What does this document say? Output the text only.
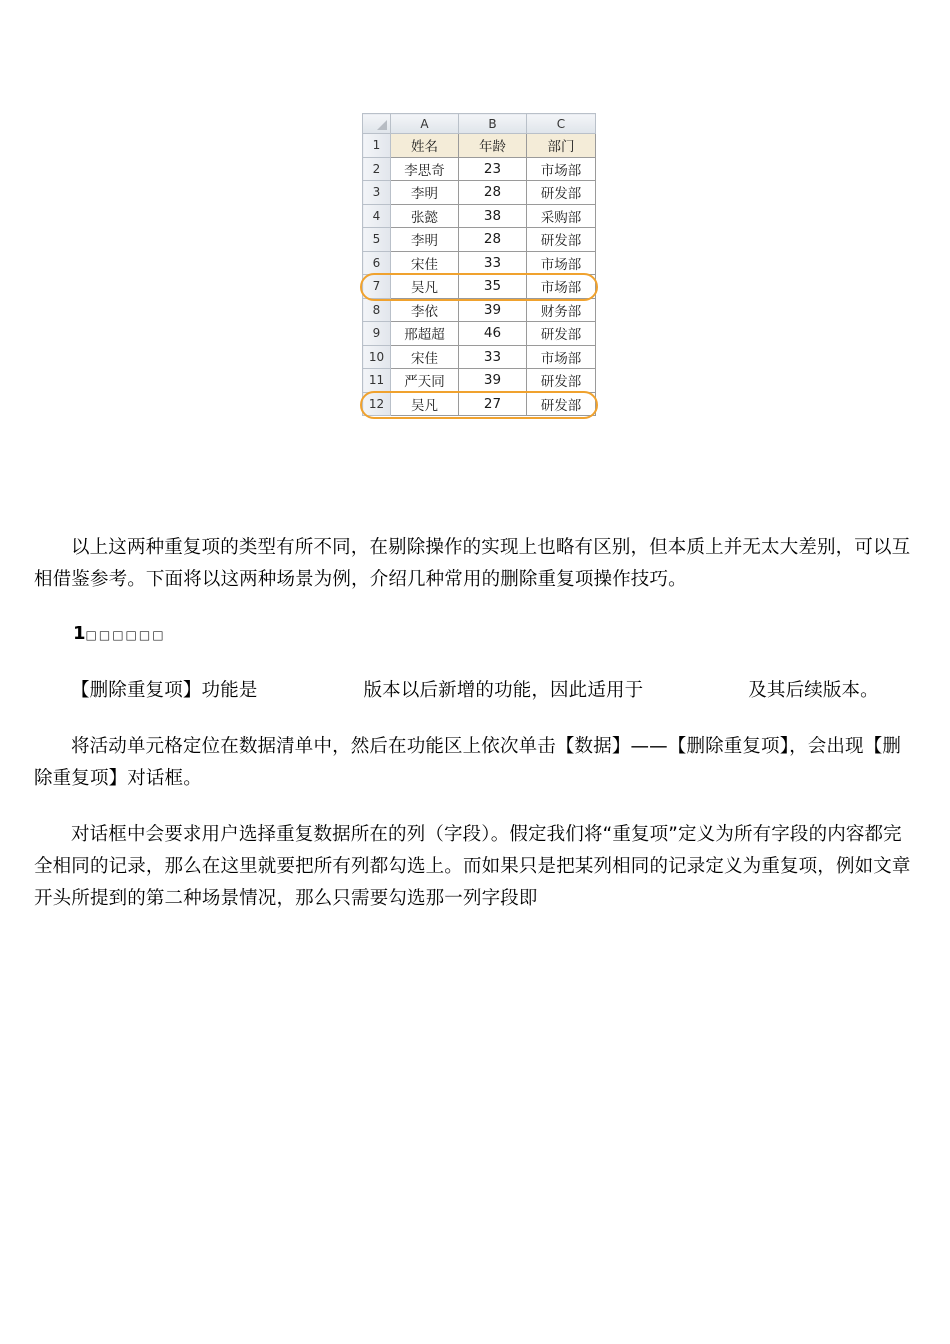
	A	B	C
1	姓名	年龄	部门
2	李思奇	23	市场部
3	李明	28	研发部
4	张懿	38	采购部
5	李明	28	研发部
6	宋佳	33	市场部
7	吴凡	35	市场部
8	李依	39	财务部
9	邢超超	46	研发部
10	宋佳	33	市场部
11	严天同	39	研发部
12	吴凡	27	研发部

以上这两种重复项的类型有所不同，在剔除操作的实现上也略有区别，但本质上并无太大差别，可以互相借鉴参考。下面将以这两种场景为例，介绍几种常用的删除重复项操作技巧。

1□□□□□□

【删除重复项】功能是	版本以后新增的功能，因此适用于	及其后续版本。

将活动单元格定位在数据清单中，然后在功能区上依次单击【数据】——【删除重复项】，会出现【删除重复项】对话框。

对话框中会要求用户选择重复数据所在的列（字段）。假定我们将“重复项”定义为所有字段的内容都完全相同的记录，那么在这里就要把所有列都勾选上。而如果只是把某列相同的记录定义为重复项，例如文章开头所提到的第二种场景情况，那么只需要勾选那一列字段即
